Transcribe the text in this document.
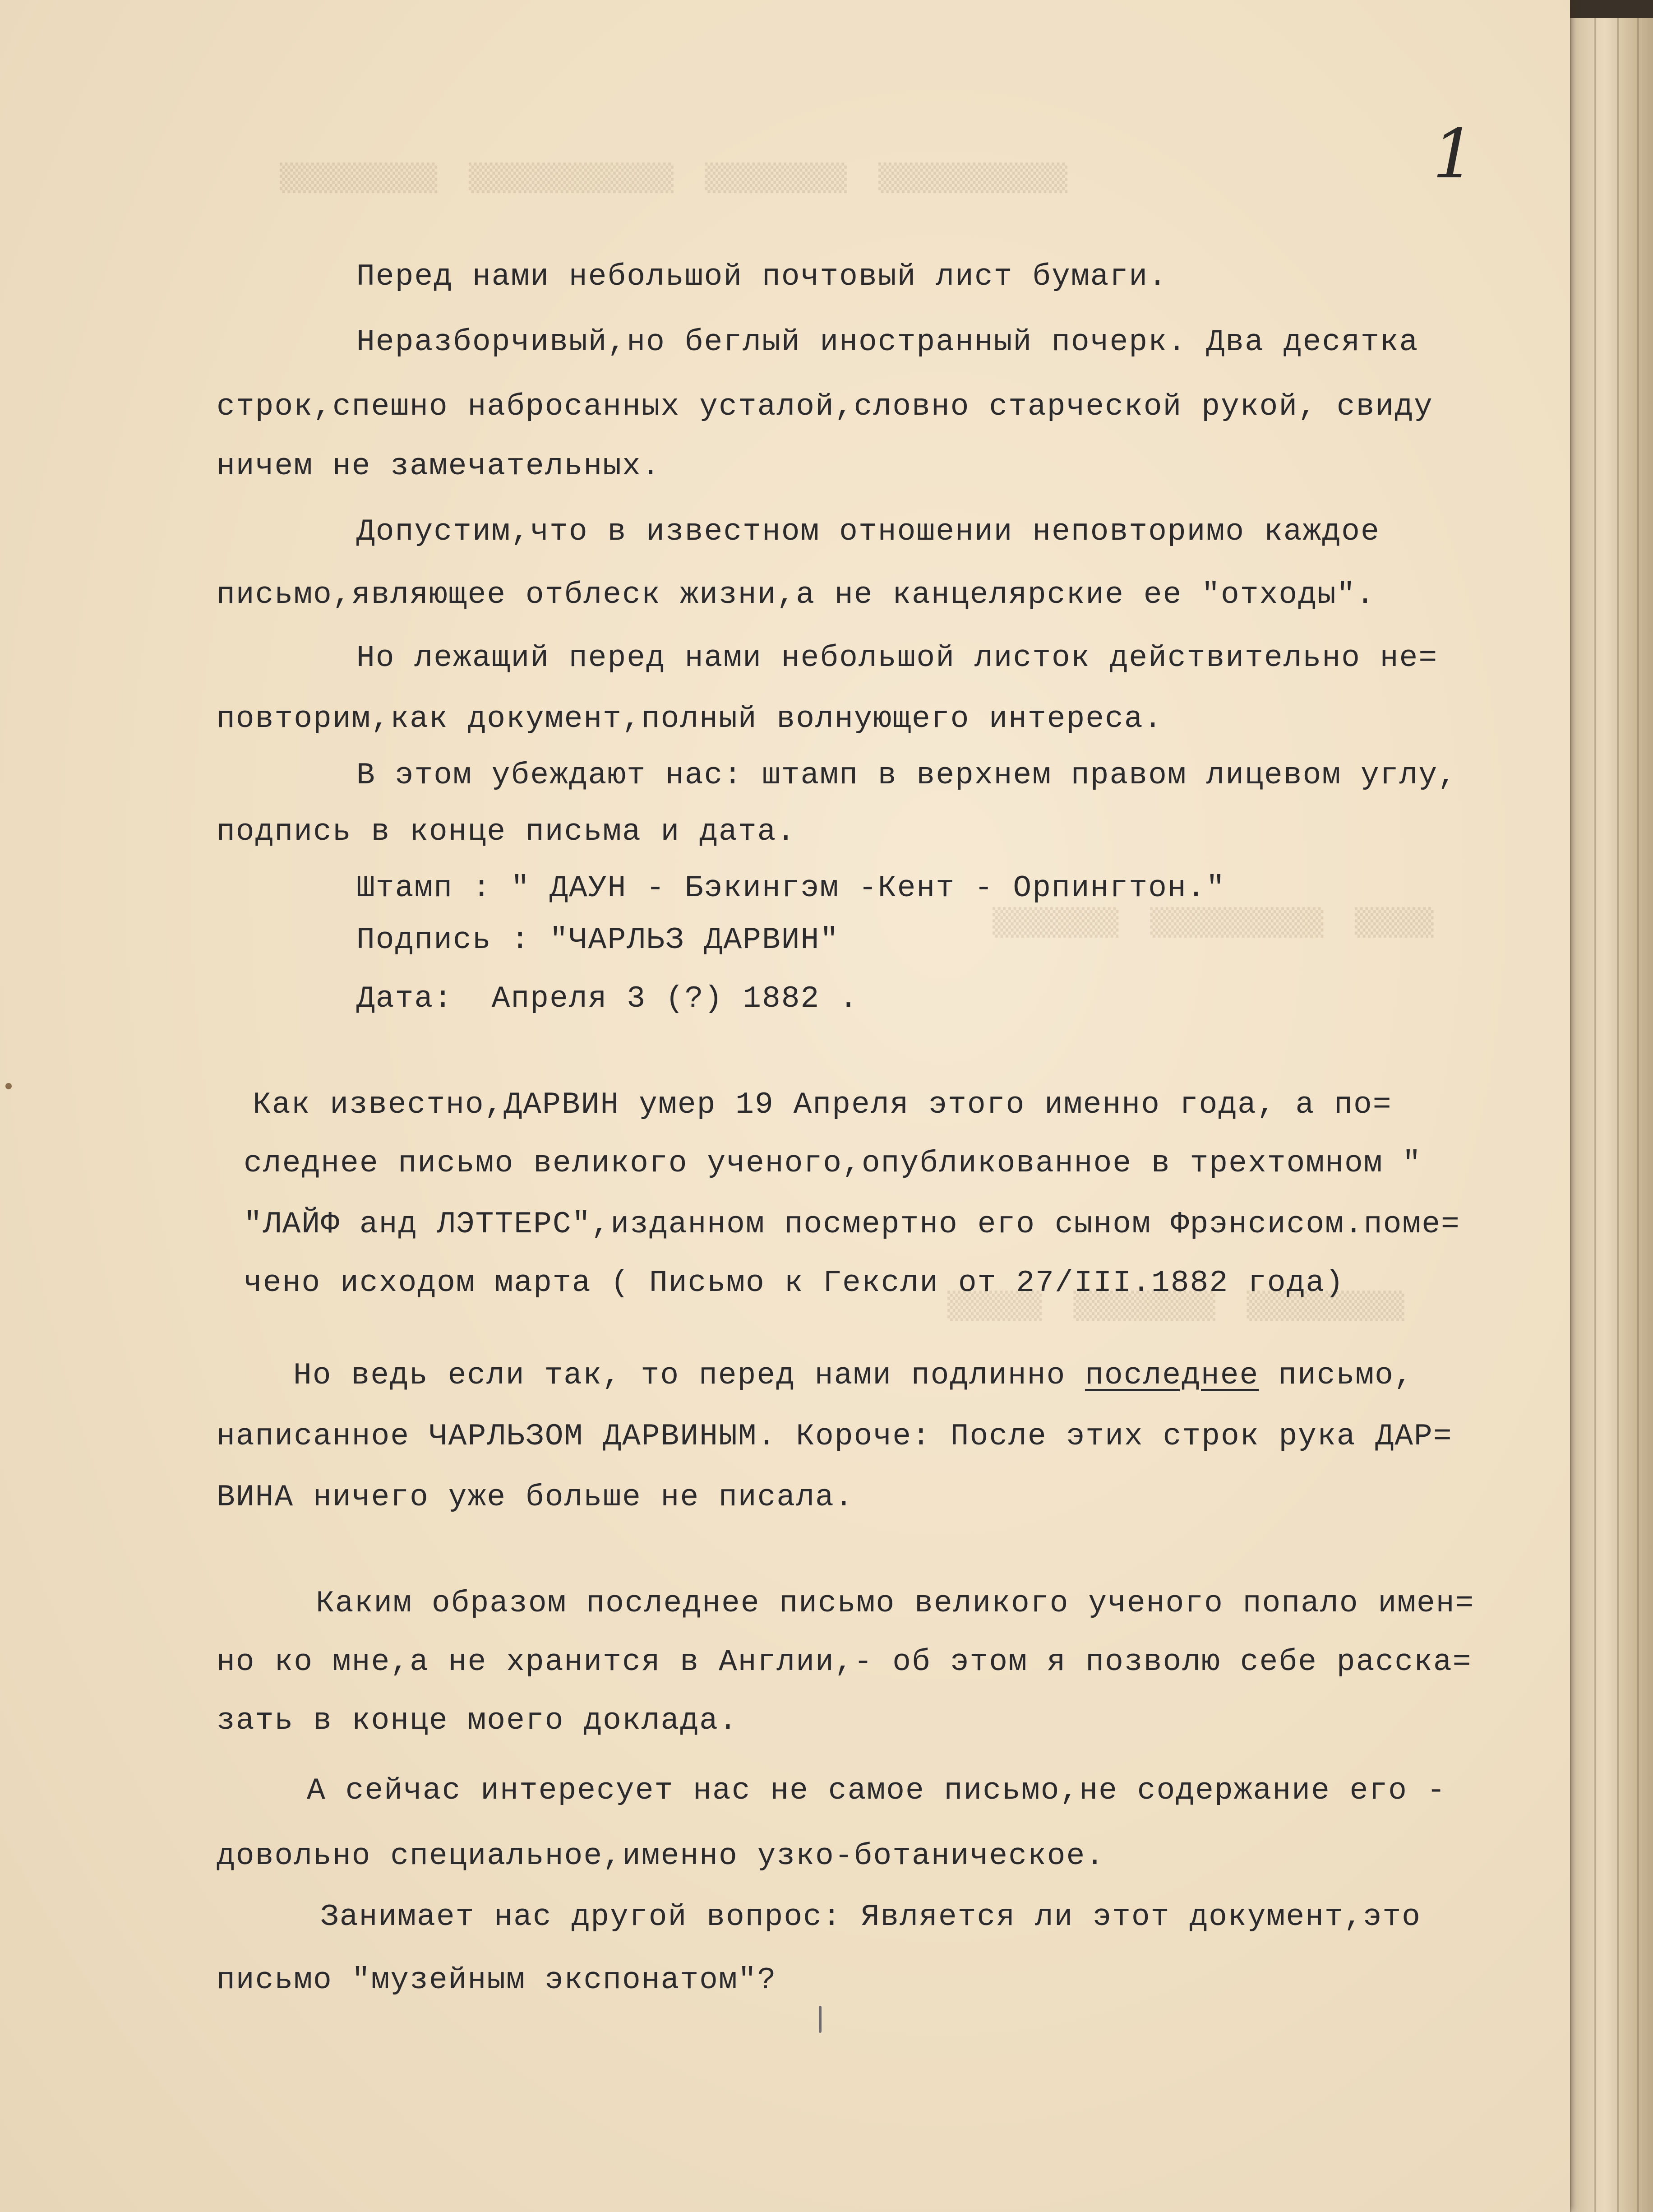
▒▒▒▒▒▒▒▒▒▒  ▒▒▒▒▒▒▒▒▒▒▒▒▒  ▒▒▒▒▒▒▒▒▒  ▒▒▒▒▒▒▒▒▒▒▒▒
▒▒▒▒▒▒▒▒  ▒▒▒▒▒▒▒▒▒▒▒  ▒▒▒▒▒
▒▒▒▒▒▒  ▒▒▒▒▒▒▒▒▒  ▒▒▒▒▒▒▒▒▒▒
1
Перед нами небольшой почтовый лист бумаги.
Неразборчивый,но беглый иностранный почерк. Два десятка
строк,спешно набросанных усталой,словно старческой рукой, свиду
ничем не замечательных.
Допустим,что в известном отношении неповторимо каждое
письмо,являющее отблеск жизни,а не канцелярские ее "отходы".
Но лежащий перед нами небольшой листок действительно не=
повторим,как документ,полный волнующего интереса.
В этом убеждают нас: штамп в верхнем правом лицевом углу,
подпись в конце письма и дата.
Штамп : " ДАУН - Бэкингэм -Кент - Орпингтон."
Подпись : "ЧАРЛЬЗ ДАРВИН"
Дата:  Апреля 3 (?) 1882 .
Как известно,ДАРВИН умер 19 Апреля этого именно года, а по=
следнее письмо великого ученого,опубликованное в трехтомном "
"ЛАЙФ анд ЛЭТТЕРС",изданном посмертно его сыном Фрэнсисом.поме=
чено исходом марта ( Письмо к Гексли от 27/III.1882 года)
Но ведь если так, то перед нами подлинно последнее письмо,
написанное ЧАРЛЬЗОМ ДАРВИНЫМ. Короче: После этих строк рука ДАР=
ВИНА ничего уже больше не писала.
Каким образом последнее письмо великого ученого попало имен=
но ко мне,а не хранится в Англии,- об этом я позволю себе расска=
зать в конце моего доклада.
А сейчас интересует нас не самое письмо,не содержание его -
довольно специальное,именно узко-ботаническое.
Занимает нас другой вопрос: Является ли этот документ,это
письмо "музейным экспонатом"?
